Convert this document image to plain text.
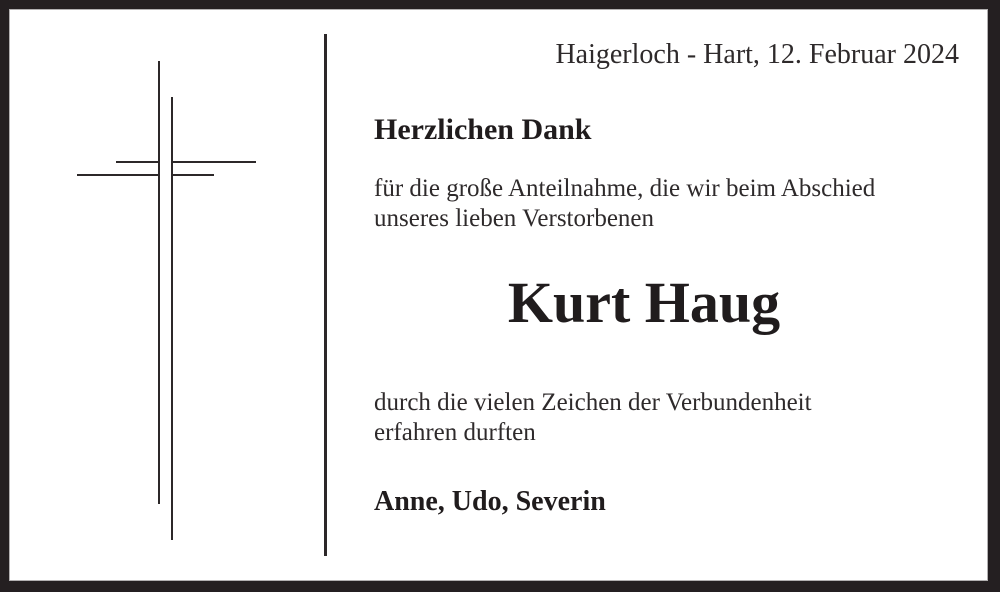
Haigerloch - Hart, 12. Februar 2024
Herzlichen Dank
für die große Anteilnahme, die wir beim Abschied
unseres lieben Verstorbenen
Kurt Haug
durch die vielen Zeichen der Verbundenheit
erfahren durften
Anne, Udo, Severin
